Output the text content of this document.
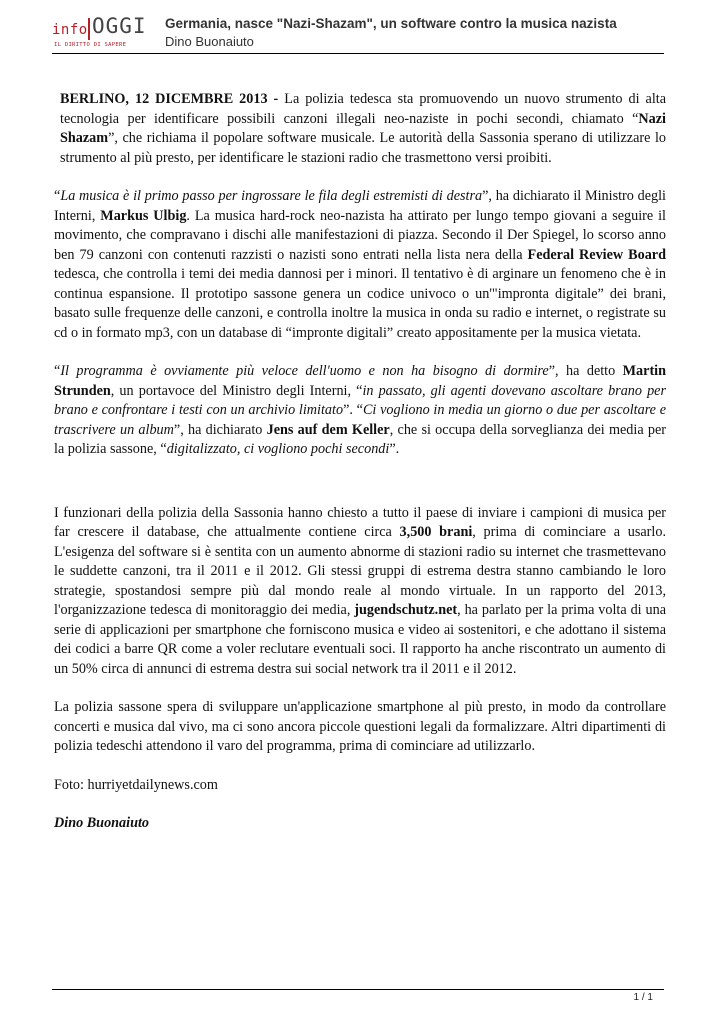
info OGGI
IL DIRITTO DI SAPERE
Germania, nasce "Nazi-Shazam", un software contro la musica nazista
Dino Buonaiuto

BERLINO, 12 DICEMBRE 2013 - La polizia tedesca sta promuovendo un nuovo strumento di alta tecnologia per identificare possibili canzoni illegali neo-naziste in pochi secondi, chiamato “Nazi Shazam”, che richiama il popolare software musicale. Le autorità della Sassonia sperano di utilizzare lo strumento al più presto, per identificare le stazioni radio che trasmettono versi proibiti.

“La musica è il primo passo per ingrossare le fila degli estremisti di destra”, ha dichiarato il Ministro degli Interni, Markus Ulbig. La musica hard-rock neo-nazista ha attirato per lungo tempo giovani a seguire il movimento, che compravano i dischi alle manifestazioni di piazza. Secondo il Der Spiegel, lo scorso anno ben 79 canzoni con contenuti razzisti o nazisti sono entrati nella lista nera della Federal Review Board tedesca, che controlla i temi dei media dannosi per i minori. Il tentativo è di arginare un fenomeno che è in continua espansione. Il prototipo sassone genera un codice univoco o un'"impronta digitale” dei brani, basato sulle frequenze delle canzoni, e controlla inoltre la musica in onda su radio e internet, o registrate su cd o in formato mp3, con un database di “impronte digitali” creato appositamente per la musica vietata.

“Il programma è ovviamente più veloce dell'uomo e non ha bisogno di dormire”, ha detto Martin Strunden, un portavoce del Ministro degli Interni, “in passato, gli agenti dovevano ascoltare brano per brano e confrontare i testi con un archivio limitato”. “Ci vogliono in media un giorno o due per ascoltare e trascrivere un album”, ha dichiarato Jens auf dem Keller, che si occupa della sorveglianza dei media per la polizia sassone, “digitalizzato, ci vogliono pochi secondi”.

I funzionari della polizia della Sassonia hanno chiesto a tutto il paese di inviare i campioni di musica per far crescere il database, che attualmente contiene circa 3,500 brani, prima di cominciare a usarlo. L'esigenza del software si è sentita con un aumento abnorme di stazioni radio su internet che trasmettevano le suddette canzoni, tra il 2011 e il 2012. Gli stessi gruppi di estrema destra stanno cambiando le loro strategie, spostandosi sempre più dal mondo reale al mondo virtuale. In un rapporto del 2013, l'organizzazione tedesca di monitoraggio dei media, jugendschutz.net, ha parlato per la prima volta di una serie di applicazioni per smartphone che forniscono musica e video ai sostenitori, e che adottano il sistema dei codici a barre QR come a voler reclutare eventuali soci. Il rapporto ha anche riscontrato un aumento di un 50% circa di annunci di estrema destra sui social network tra il 2011 e il 2012.

La polizia sassone spera di sviluppare un'applicazione smartphone al più presto, in modo da controllare concerti e musica dal vivo, ma ci sono ancora piccole questioni legali da formalizzare. Altri dipartimenti di polizia tedeschi attendono il varo del programma, prima di cominciare ad utilizzarlo.

Foto: hurriyetdailynews.com

Dino Buonaiuto

1 / 1
